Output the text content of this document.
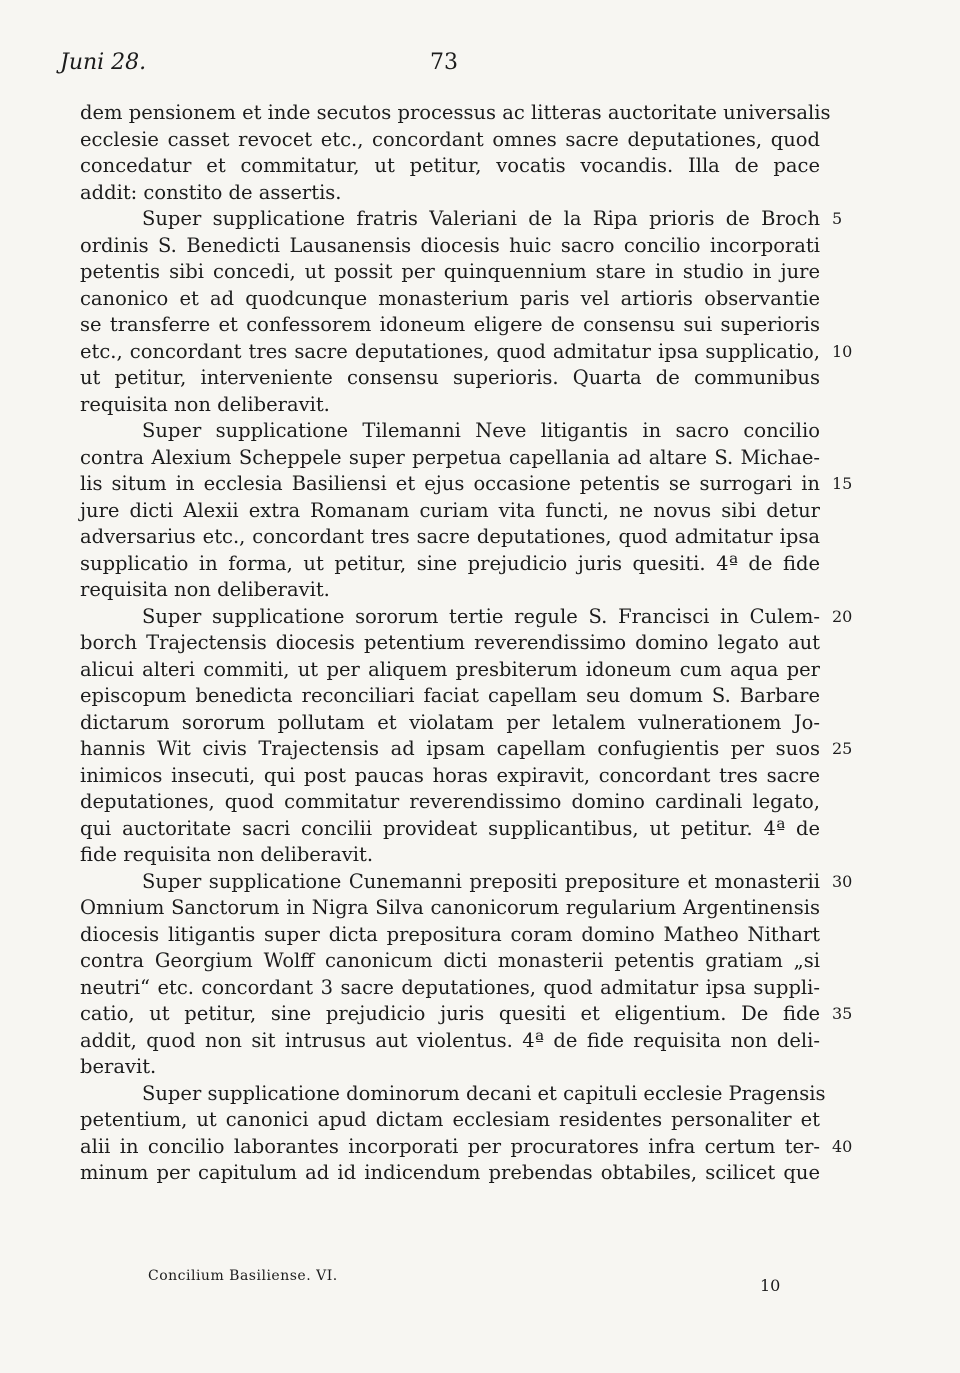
Juni 28.	73
dem pensionem et inde secutos processus ac litteras auctoritate universalis
ecclesie casset revocet etc., concordant omnes sacre deputationes, quod
concedatur et commitatur, ut petitur, vocatis vocandis. Illa de pace
addit: constito de assertis.
Super supplicatione fratris Valeriani de la Ripa prioris de Broch 5
ordinis S. Benedicti Lausanensis diocesis huic sacro concilio incorporati
petentis sibi concedi, ut possit per quinquennium stare in studio in jure
canonico et ad quodcunque monasterium paris vel artioris observantie
se transferre et confessorem idoneum eligere de consensu sui superioris
etc., concordant tres sacre deputationes, quod admitatur ipsa supplicatio, 10
ut petitur, interveniente consensu superioris. Quarta de communibus
requisita non deliberavit.
Super supplicatione Tilemanni Neve litigantis in sacro concilio
contra Alexium Scheppele super perpetua capellania ad altare S. Michae-
lis situm in ecclesia Basiliensi et ejus occasione petentis se surrogari in 15
jure dicti Alexii extra Romanam curiam vita functi, ne novus sibi detur
adversarius etc., concordant tres sacre deputationes, quod admitatur ipsa
supplicatio in forma, ut petitur, sine prejudicio juris quesiti. 4ª de fide
requisita non deliberavit.
Super supplicatione sororum tertie regule S. Francisci in Culem- 20
borch Trajectensis diocesis petentium reverendissimo domino legato aut
alicui alteri commiti, ut per aliquem presbiterum idoneum cum aqua per
episcopum benedicta reconciliari faciat capellam seu domum S. Barbare
dictarum sororum pollutam et violatam per letalem vulnerationem Jo-
hannis Wit civis Trajectensis ad ipsam capellam confugientis per suos 25
inimicos insecuti, qui post paucas horas expiravit, concordant tres sacre
deputationes, quod commitatur reverendissimo domino cardinali legato,
qui auctoritate sacri concilii provideat supplicantibus, ut petitur. 4ª de
fide requisita non deliberavit.
Super supplicatione Cunemanni prepositi prepositure et monasterii 30
Omnium Sanctorum in Nigra Silva canonicorum regularium Argentinensis
diocesis litigantis super dicta prepositura coram domino Matheo Nithart
contra Georgium Wolff canonicum dicti monasterii petentis gratiam „si
neutri“ etc. concordant 3 sacre deputationes, quod admitatur ipsa suppli-
catio, ut petitur, sine prejudicio juris quesiti et eligentium. De fide 35
addit, quod non sit intrusus aut violentus. 4ª de fide requisita non deli-
beravit.
Super supplicatione dominorum decani et capituli ecclesie Pragensis
petentium, ut canonici apud dictam ecclesiam residentes personaliter et
alii in concilio laborantes incorporati per procuratores infra certum ter- 40
minum per capitulum ad id indicendum prebendas obtabiles, scilicet que
Concilium Basiliense. VI.	10
